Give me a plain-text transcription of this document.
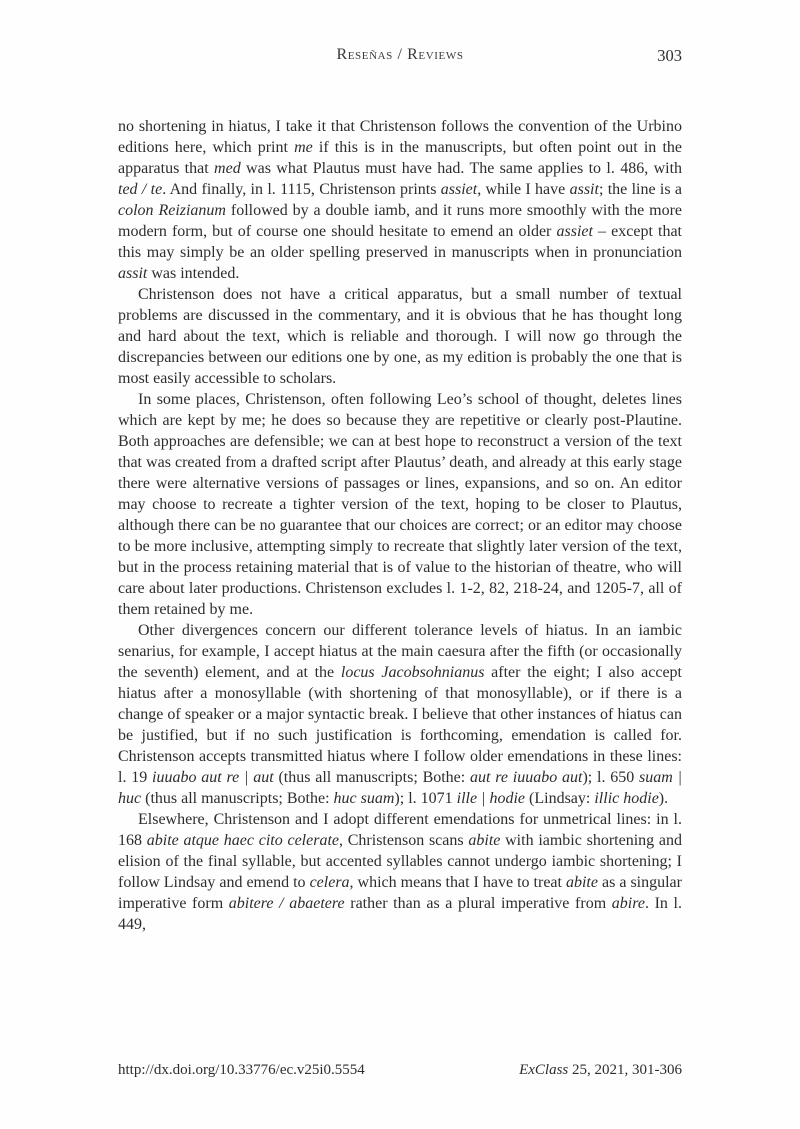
Reseñas / Reviews	303

no shortening in hiatus, I take it that Christenson follows the convention of the Urbino editions here, which print me if this is in the manuscripts, but often point out in the apparatus that med was what Plautus must have had. The same applies to l. 486, with ted / te. And finally, in l. 1115, Christenson prints assiet, while I have assit; the line is a colon Reizianum followed by a double iamb, and it runs more smoothly with the more modern form, but of course one should hesitate to emend an older assiet – except that this may simply be an older spelling preserved in manuscripts when in pronunciation assit was intended.

Christenson does not have a critical apparatus, but a small number of textual problems are discussed in the commentary, and it is obvious that he has thought long and hard about the text, which is reliable and thorough. I will now go through the discrepancies between our editions one by one, as my edition is probably the one that is most easily accessible to scholars.

In some places, Christenson, often following Leo’s school of thought, deletes lines which are kept by me; he does so because they are repetitive or clearly post-Plautine. Both approaches are defensible; we can at best hope to reconstruct a version of the text that was created from a drafted script after Plautus’ death, and already at this early stage there were alternative versions of passages or lines, expansions, and so on. An editor may choose to recreate a tighter version of the text, hoping to be closer to Plautus, although there can be no guarantee that our choices are correct; or an editor may choose to be more inclusive, attempting simply to recreate that slightly later version of the text, but in the process retaining material that is of value to the historian of theatre, who will care about later productions. Christenson excludes l. 1-2, 82, 218-24, and 1205-7, all of them retained by me.

Other divergences concern our different tolerance levels of hiatus. In an iambic senarius, for example, I accept hiatus at the main caesura after the fifth (or occasionally the seventh) element, and at the locus Jacobsohnianus after the eight; I also accept hiatus after a monosyllable (with shortening of that monosyllable), or if there is a change of speaker or a major syntactic break. I believe that other instances of hiatus can be justified, but if no such justification is forthcoming, emendation is called for. Christenson accepts transmitted hiatus where I follow older emendations in these lines: l. 19 iuuabo aut re | aut (thus all manuscripts; Bothe: aut re iuuabo aut); l. 650 suam | huc (thus all manuscripts; Bothe: huc suam); l. 1071 ille | hodie (Lindsay: illic hodie).

Elsewhere, Christenson and I adopt different emendations for unmetrical lines: in l. 168 abite atque haec cito celerate, Christenson scans abite with iambic shortening and elision of the final syllable, but accented syllables cannot undergo iambic shortening; I follow Lindsay and emend to celera, which means that I have to treat abite as a singular imperative form abitere / abaetere rather than as a plural imperative from abire. In l. 449,

http://dx.doi.org/10.33776/ec.v25i0.5554	ExClass 25, 2021, 301-306
